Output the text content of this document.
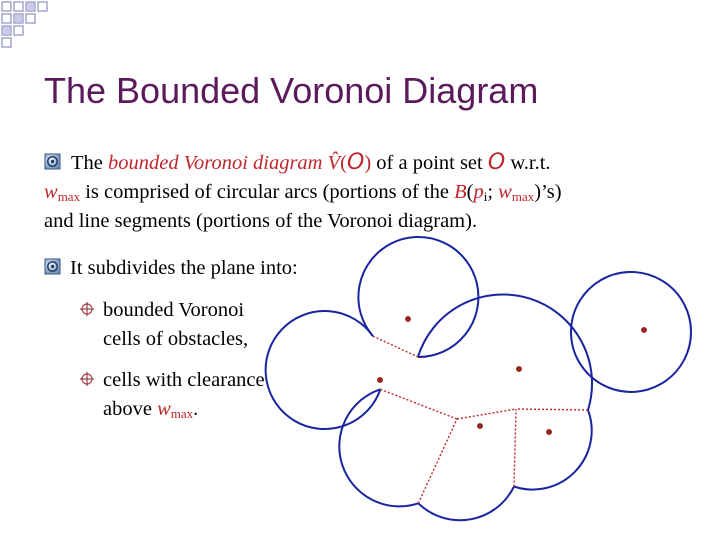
The Bounded Voronoi Diagram
The bounded Voronoi diagram V̂(O) of a point set O w.r.t.
$w_{max}$ is comprised of circular arcs (portions of the $B(p_i$; $w_{max})’s$)
and line segments (portions of the Voronoi diagram).
It subdivides the plane into:
bounded Voronoi
cells of obstacles,
cells with clearance
above $w_{max}$.
